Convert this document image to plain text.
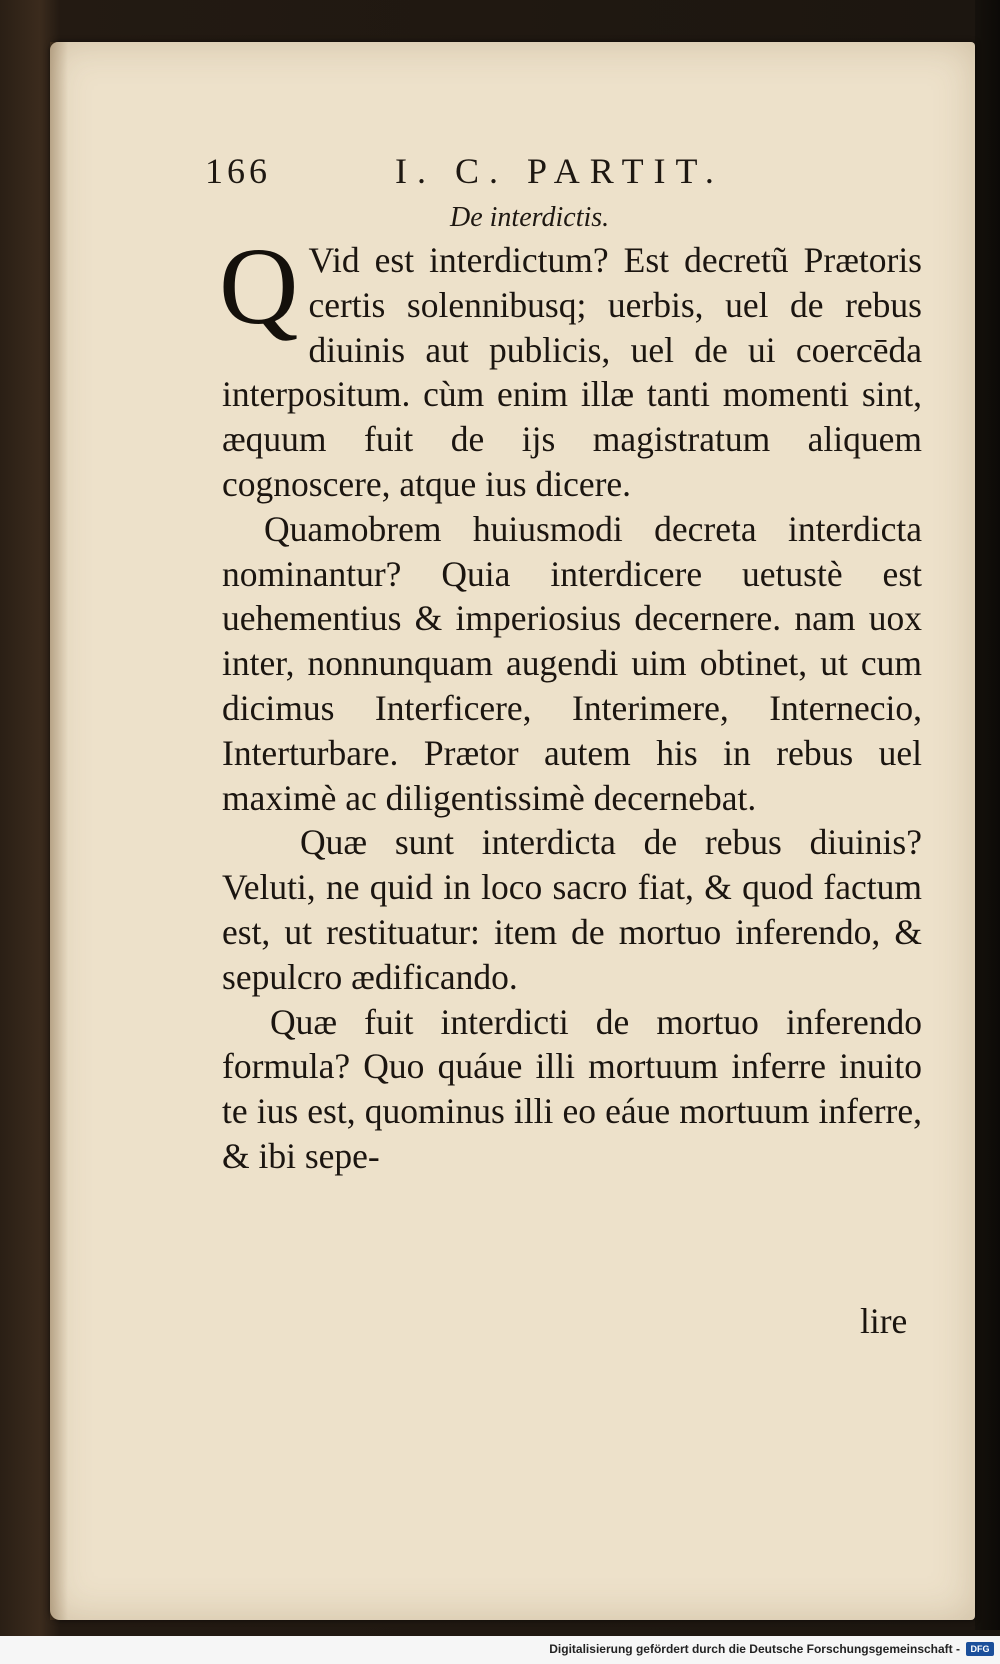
166	I. C. PARTIT.
De interdictis.

Q Vid est interdictum? Est decretũ Prætoris certis solennibusq; uerbis, uel de rebus diuinis aut publicis, uel de ui coercēda interpositum. cùm enim illæ tanti momenti sint, æquum fuit de ijs magistratum aliquem cognoscere, atque ius dicere.

Quamobrem huiusmodi decreta interdicta nominantur? Quia interdicere uetustè est uehementius & imperiosius decernere. nam uox inter, nonnunquam augendi uim obtinet, ut cum dicimus Interficere, Interimere, Internecio, Interturbare. Prætor autem his in rebus uel maximè ac diligentissimè decernebat.

Quæ sunt interdicta de rebus diuinis? Veluti, ne quid in loco sacro fiat, & quod factum est, ut restituatur: item de mortuo inferendo, & sepulcro ædificando.

Quæ fuit interdicti de mortuo inferendo formula? Quo quáue illi mortuum inferre inuito te ius est, quominus illi eo eáue mortuum inferre, & ibi sepe-

lire
Digitalisierung gefördert durch die Deutsche Forschungsgemeinschaft -	DFG
